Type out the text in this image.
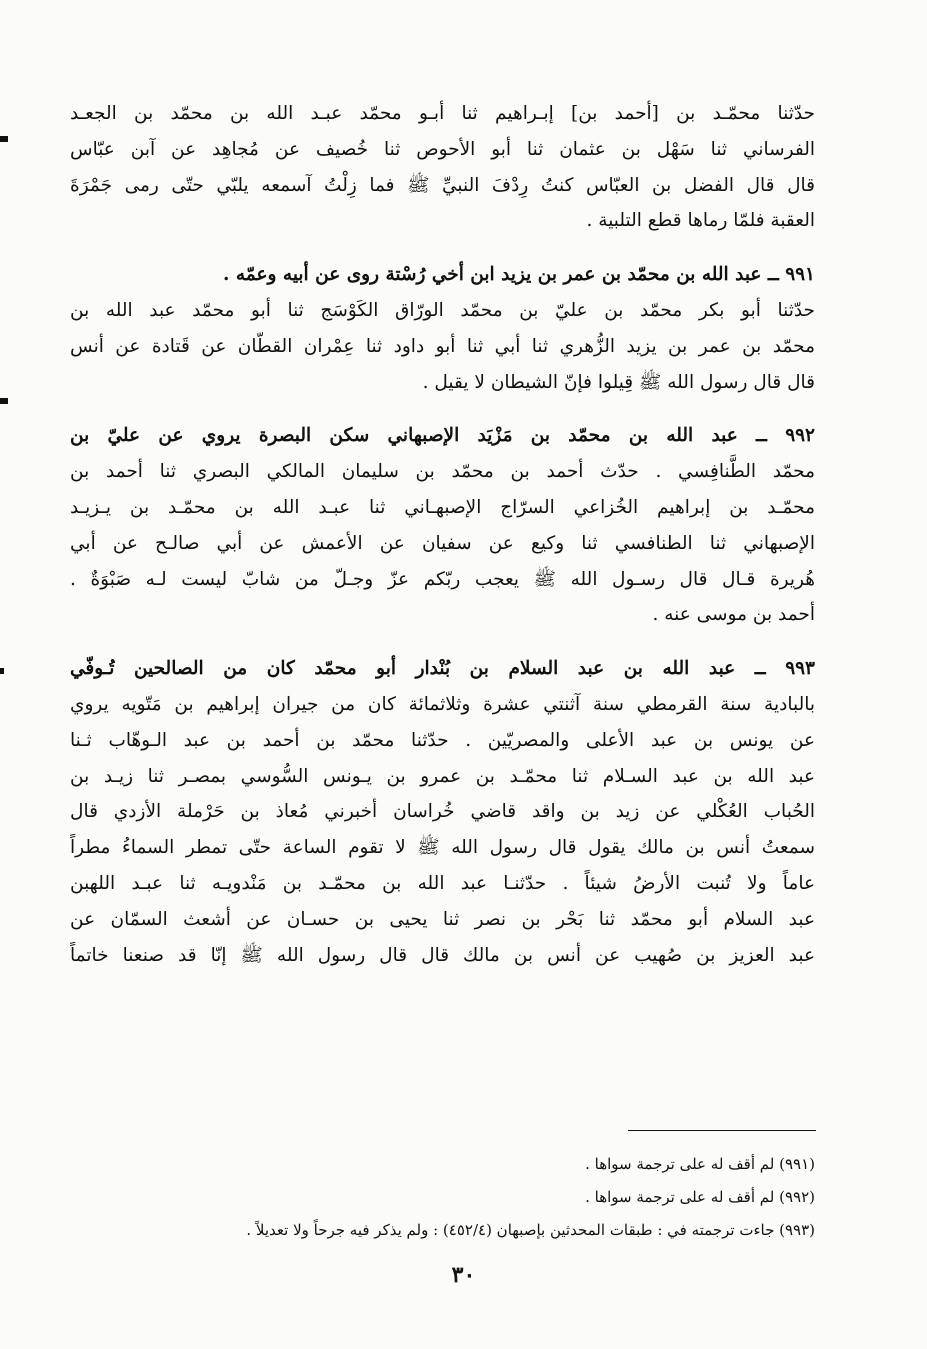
حدّثنا محمّـد بن [أحمد بن] إبـراهيم ثنا أبـو محمّد عبـد الله بن محمّد بن الجعـد
الفرساني ثنا سَهْل بن عثمان ثنا أبو الأحوص ثنا خُصيف عن مُجاهِد عن آبن عبّاس
قال قال الفضل بن العبّاس كنتُ رِدْفَ النبيِّ ﷺ فما زِلْتُ آسمعه يلبّي حتّى رمى جَمْرَةَ
العقبة فلمّا رماها قطع التلبية .

٩٩١ ــ عبد الله بن محمّد بن عمر بن يزيد ابن أخي رُسْتة روى عن أبيه وعمّه .
حدّثنا أبو بكر محمّد بن عليّ بن محمّد الورّاق الكَوْسَج ثنا أبو محمّد عبد الله بن
محمّد بن عمر بن يزيد الزُّهري ثنا أبي ثنا أبو داود ثنا عِمْران القطّان عن قَتادة عن أنس
قال قال رسول الله ﷺ قِيلوا فإنّ الشيطان لا يقيل .

٩٩٢ ــ عبد الله بن محمّد بن مَزْيَد الإصبهاني سكن البصرة يروي عن عليّ بن
محمّد الطَّنافِسي . حدّث أحمد بن محمّد بن سليمان المالكي البصري ثنا أحمد بن
محمّـد بن إبراهيم الخُزاعي السرّاج الإصبهـاني ثنا عبـد الله بن محمّـد بن يـزيـد
الإصبهاني ثنا الطنافسي ثنا وكيع عن سفيان عن الأعمش عن أبي صالـح عن أبي
هُريرة قـال قال رسـول الله ﷺ يعجب ربّكم عزّ وجـلّ من شابّ ليست لـه صَبْوَةٌ .
أحمد بن موسى عنه .

٩٩٣ ــ عبد الله بن عبد السلام بن بُنْدار أبو محمّد كان من الصالحين تُـوفّي
بالبادية سنة القرمطي سنة آثنتي عشرة وثلاثمائة كان من جيران إبراهيم بن مَتّويه يروي
عن يونس بن عبد الأعلى والمصريّين . حدّثنا محمّد بن أحمد بن عبد الـوهّاب ثـنا
عبد الله بن عبد السـلام ثنا محمّـد بن عمرو بن يـونس السُّوسي بمصـر ثنا زيـد بن
الحُباب العُكْلي عن زيد بن واقد قاضي خُراسان أخبرني مُعاذ بن حَرْملة الأزدي قال
سمعتُ أنس بن مالك يقول قال رسول الله ﷺ لا تقوم الساعة حتّى تمطر السماءُ مطراً
عاماً ولا تُنبت الأرضُ شيئاً . حدّثنـا عبد الله بن محمّـد بن مَنْدويـه ثنا عبـد اللهبن
عبد السلام أبو محمّد ثنا بَحْر بن نصر ثنا يحيى بن حسـان عن أشعث السمّان عن
عبد العزيز بن صُهيب عن أنس بن مالك قال قال رسول الله ﷺ إنّا قد صنعنا خاتماً

(٩٩١) لم أقف له على ترجمة سواها .
(٩٩٢) لم أقف له على ترجمة سواها .
(٩٩٣) جاءت ترجمته في : طبقات المحدثين بإصبهان (٤٥٢/٤) : ولم يذكر فيه جرحاً ولا تعديلاً .
٣٠
